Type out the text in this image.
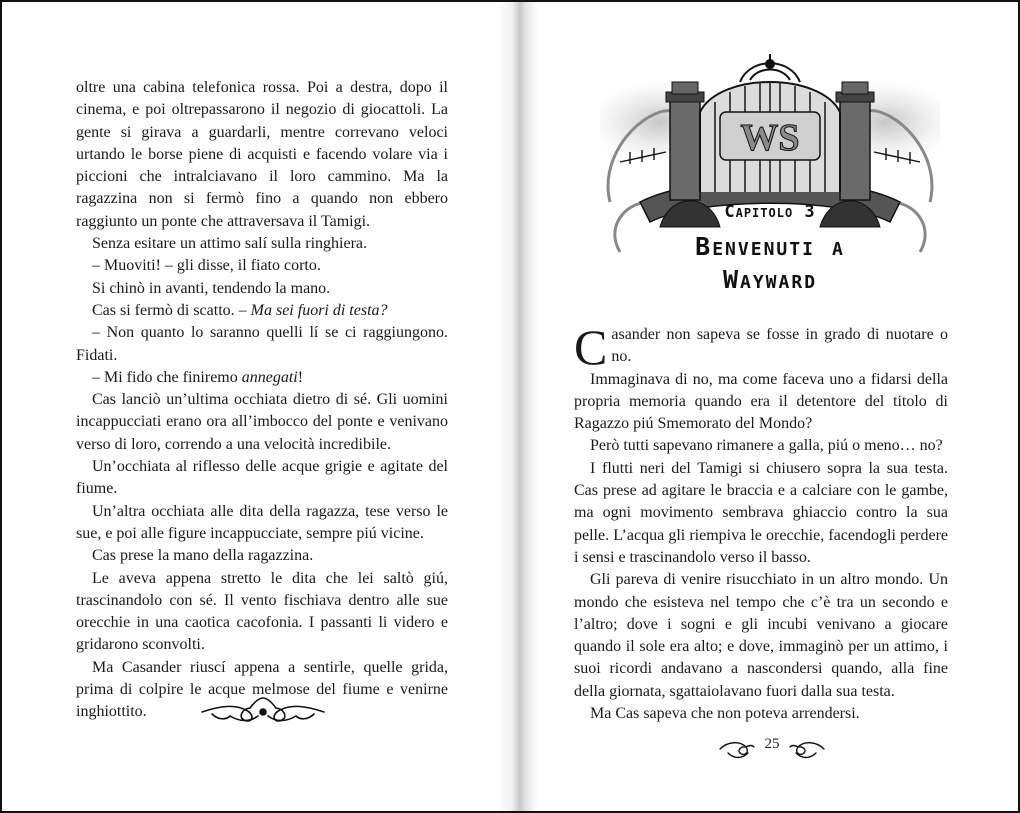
oltre una cabina telefonica rossa. Poi a destra, dopo il cinema, e poi oltrepassarono il negozio di giocattoli. La gente si girava a guardarli, mentre correvano veloci urtando le borse piene di acquisti e facendo volare via i piccioni che intralciavano il loro cammino. Ma la ragazzina non si fermò fino a quando non ebbero raggiunto un ponte che attraversava il Tamigi.

Senza esitare un attimo salí sulla ringhiera.

– Muoviti! – gli disse, il fiato corto.

Si chinò in avanti, tendendo la mano.

Cas si fermò di scatto. – Ma sei fuori di testa?

– Non quanto lo saranno quelli lí se ci raggiungono. Fidati.

– Mi fido che finiremo annegati!

Cas lanciò un’ultima occhiata dietro di sé. Gli uomini incappucciati erano ora all’imbocco del ponte e venivano verso di loro, correndo a una velocità incredibile.

Un’occhiata al riflesso delle acque grigie e agitate del fiume.

Un’altra occhiata alle dita della ragazza, tese verso le sue, e poi alle figure incappucciate, sempre piú vicine.

Cas prese la mano della ragazzina.

Le aveva appena stretto le dita che lei saltò giú, trascinandolo con sé. Il vento fischiava dentro alle sue orecchie in una caotica cacofonia. I passanti li videro e gridarono sconvolti.

Ma Casander riuscí appena a sentirle, quelle grida, prima di colpire le acque melmose del fiume e venirne inghiottito.

WS
Capitolo 3
Benvenuti a
Wayward

Casander non sapeva se fosse in grado di nuotare o no.

Immaginava di no, ma come faceva uno a fidarsi della propria memoria quando era il detentore del titolo di Ragazzo piú Smemorato del Mondo?

Però tutti sapevano rimanere a galla, piú o meno… no?

I flutti neri del Tamigi si chiusero sopra la sua testa. Cas prese ad agitare le braccia e a calciare con le gambe, ma ogni movimento sembrava ghiaccio contro la sua pelle. L’acqua gli riempiva le orecchie, facendogli perdere i sensi e trascinandolo verso il basso.

Gli pareva di venire risucchiato in un altro mondo. Un mondo che esisteva nel tempo che c’è tra un secondo e l’altro; dove i sogni e gli incubi venivano a giocare quando il sole era alto; e dove, immaginò per un attimo, i suoi ricordi andavano a nascondersi quando, alla fine della giornata, sgattaiolavano fuori dalla sua testa.

Ma Cas sapeva che non poteva arrendersi.

25
